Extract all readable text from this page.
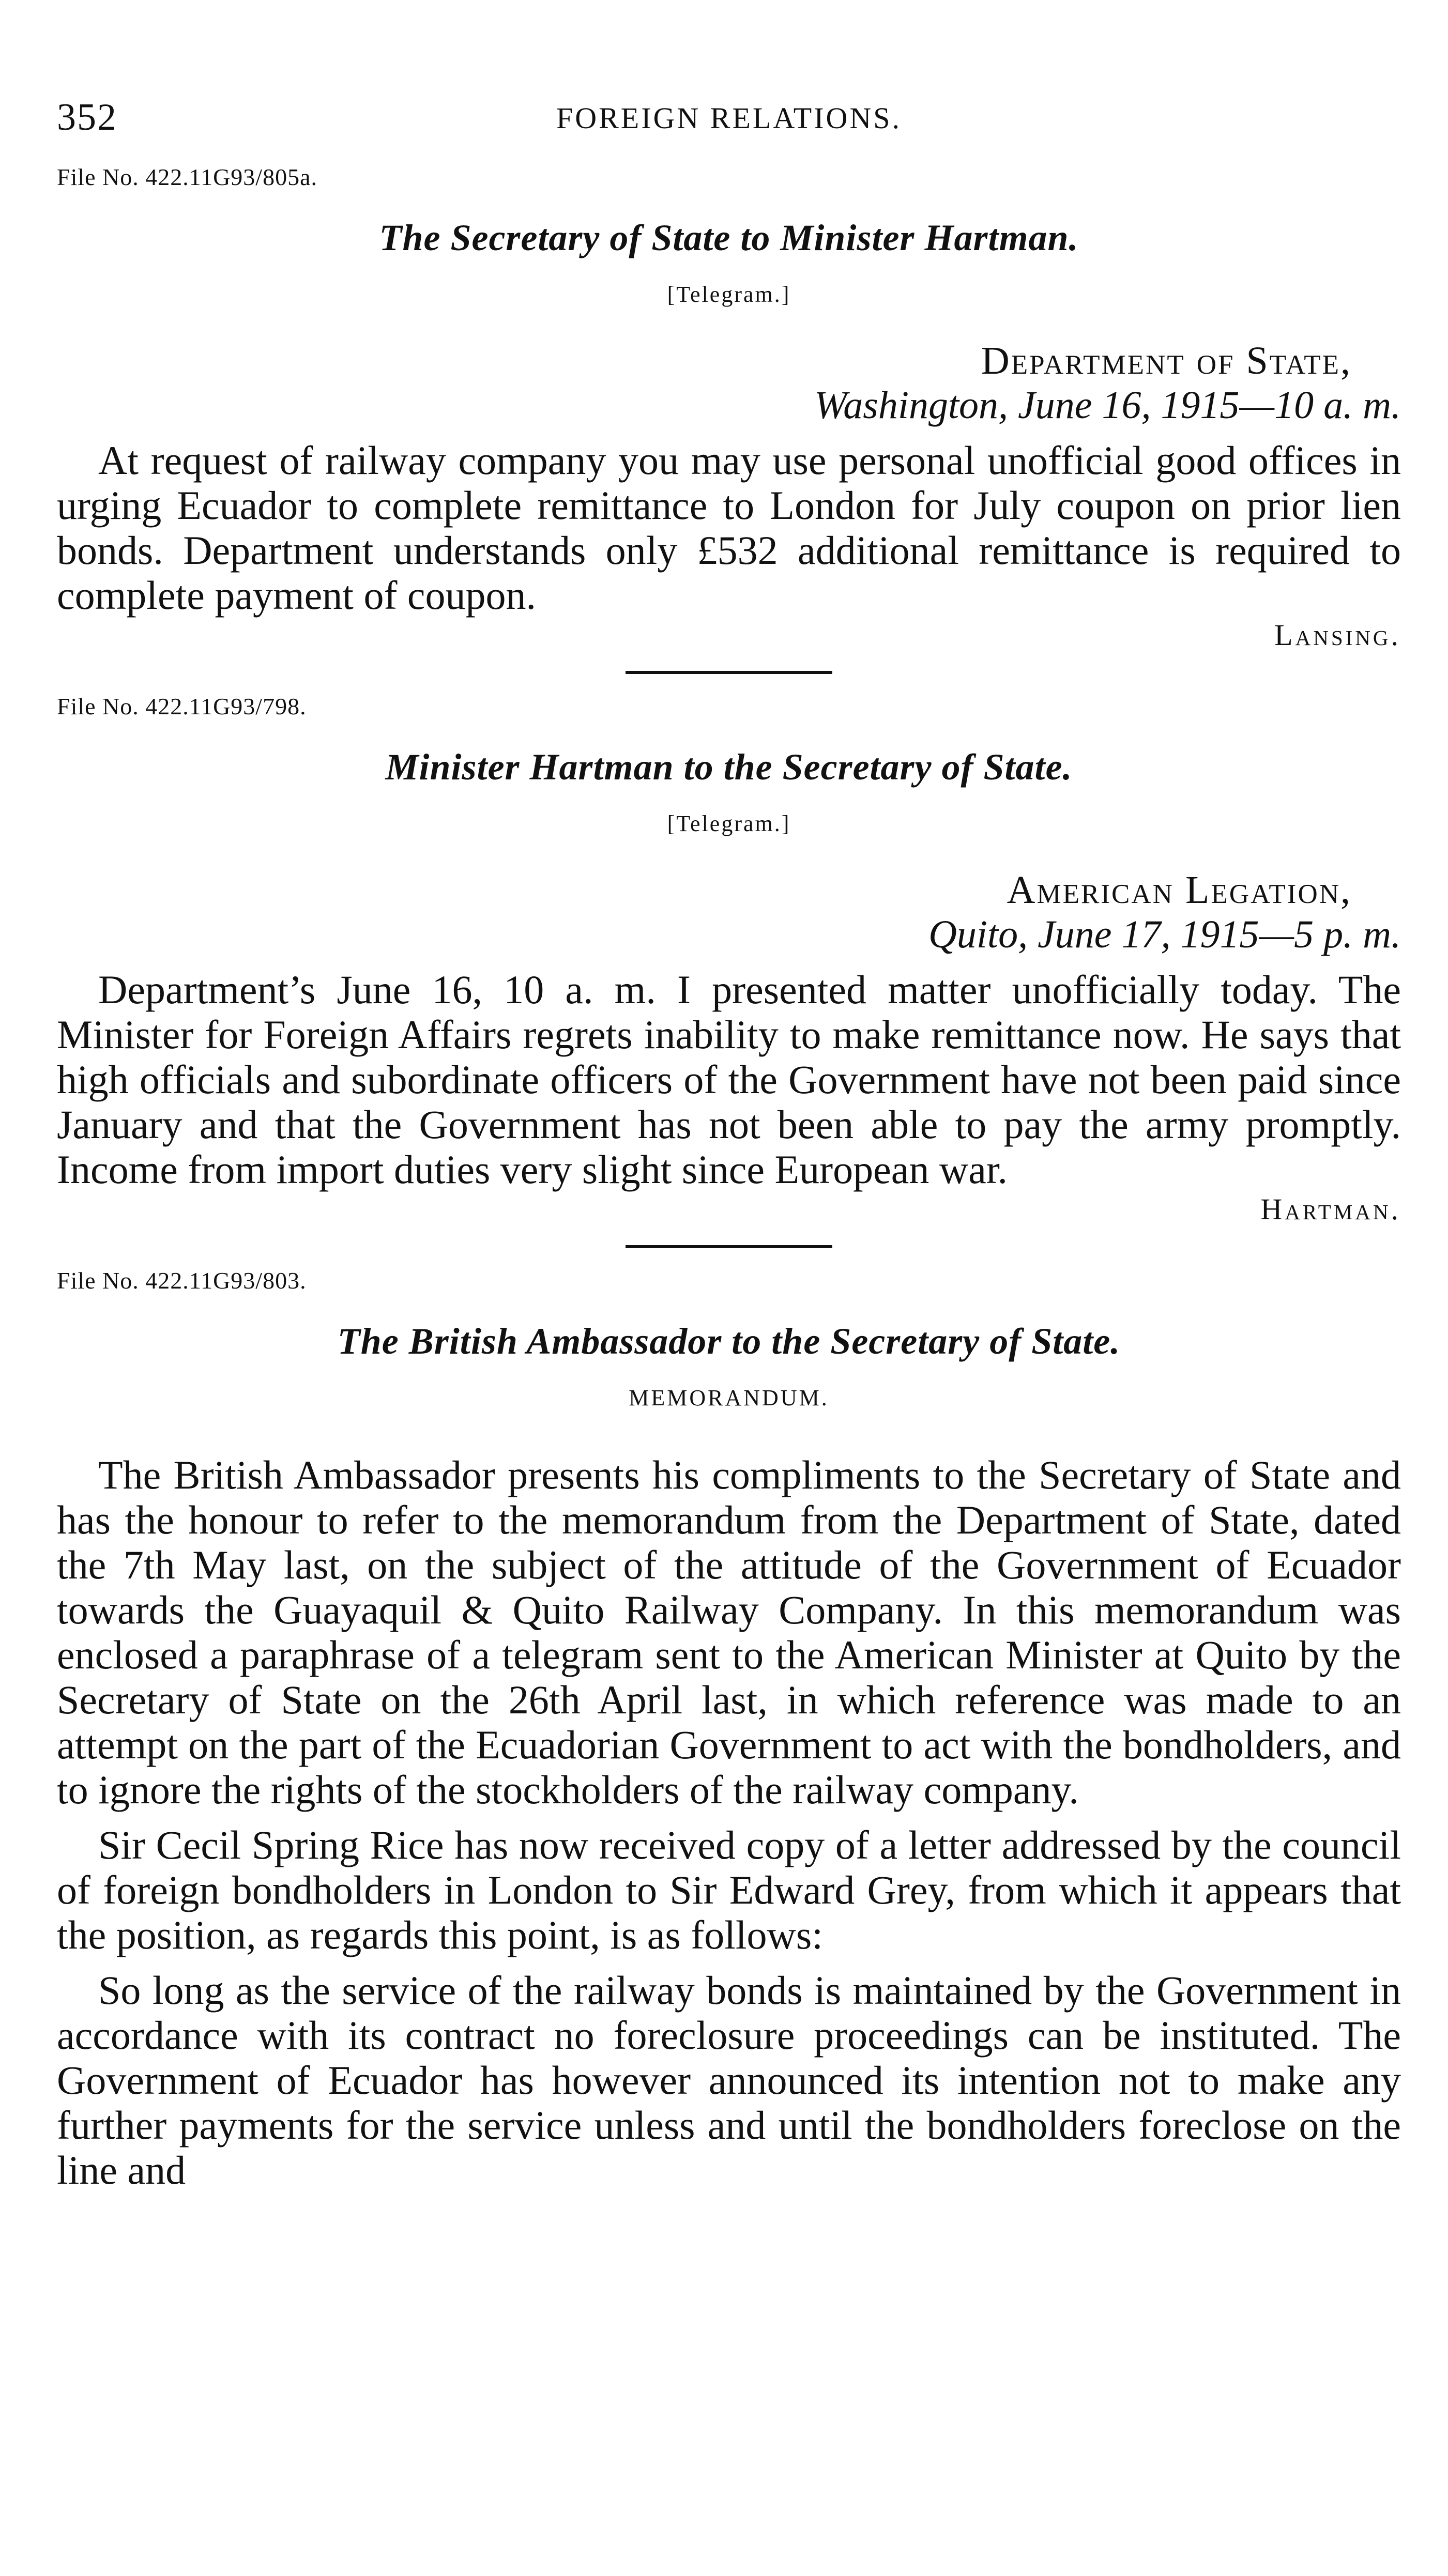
352	FOREIGN RELATIONS.

File No. 422.11G93/805a.

The Secretary of State to Minister Hartman.

[Telegram.]

Department of State,
Washington, June 16, 1915—10 a. m.

At request of railway company you may use personal unofficial good offices in urging Ecuador to complete remittance to London for July coupon on prior lien bonds. Department understands only £532 additional remittance is required to complete payment of coupon.

Lansing.

File No. 422.11G93/798.

Minister Hartman to the Secretary of State.

[Telegram.]

American Legation,
Quito, June 17, 1915—5 p. m.

Department’s June 16, 10 a. m. I presented matter unofficially today. The Minister for Foreign Affairs regrets inability to make remittance now. He says that high officials and subordinate officers of the Government have not been paid since January and that the Government has not been able to pay the army promptly. Income from import duties very slight since European war.

Hartman.

File No. 422.11G93/803.

The British Ambassador to the Secretary of State.

MEMORANDUM.

The British Ambassador presents his compliments to the Secretary of State and has the honour to refer to the memorandum from the Department of State, dated the 7th May last, on the subject of the attitude of the Government of Ecuador towards the Guayaquil & Quito Railway Company. In this memorandum was enclosed a paraphrase of a telegram sent to the American Minister at Quito by the Secretary of State on the 26th April last, in which reference was made to an attempt on the part of the Ecuadorian Government to act with the bondholders, and to ignore the rights of the stockholders of the railway company.

Sir Cecil Spring Rice has now received copy of a letter addressed by the council of foreign bondholders in London to Sir Edward Grey, from which it appears that the position, as regards this point, is as follows:

So long as the service of the railway bonds is maintained by the Government in accordance with its contract no foreclosure proceedings can be instituted. The Government of Ecuador has however announced its intention not to make any further payments for the service unless and until the bondholders foreclose on the line and
